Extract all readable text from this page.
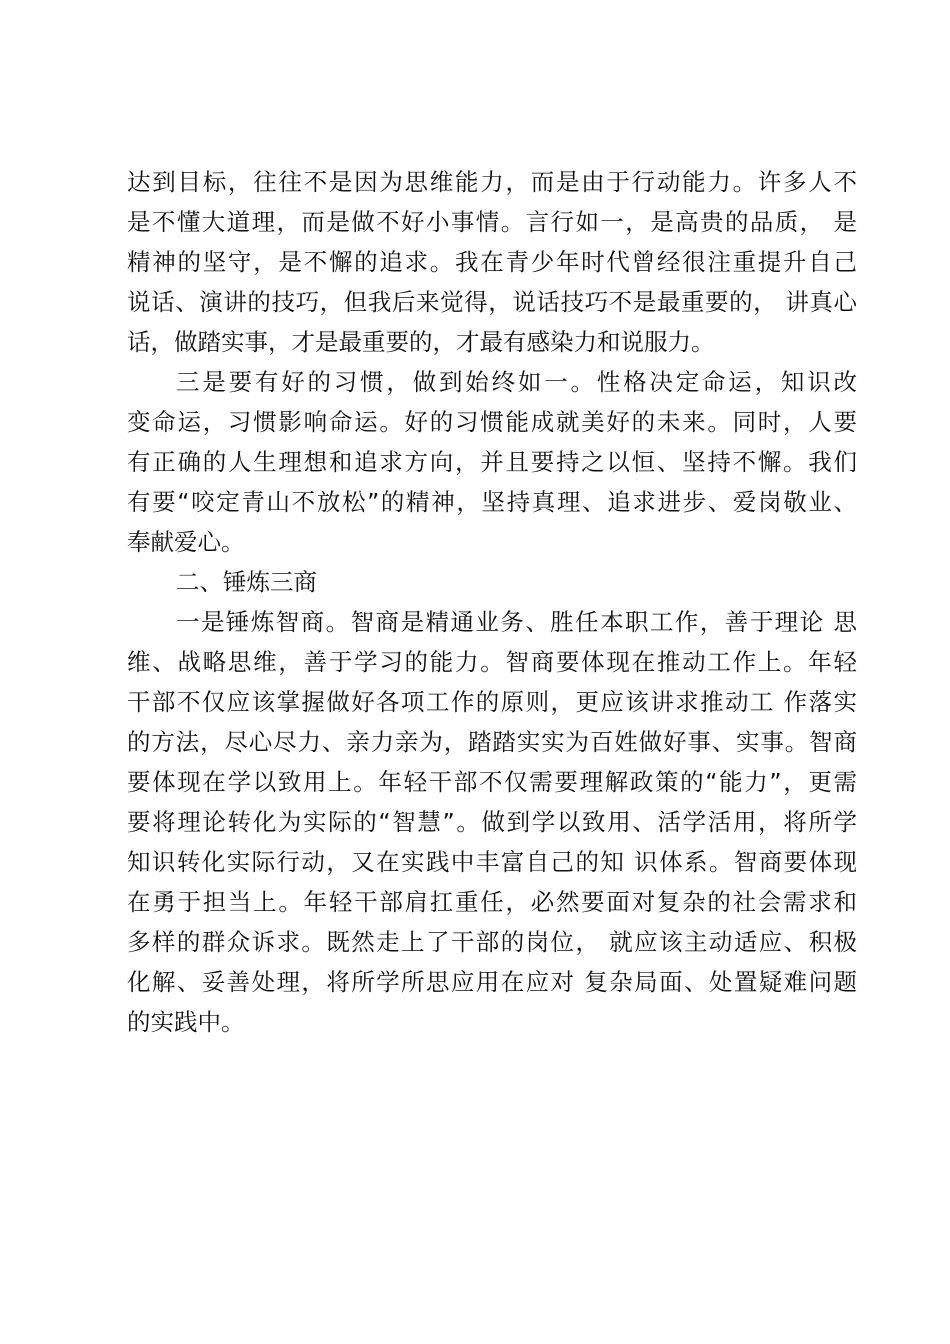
达到目标，往往不是因为思维能力，而是由于行动能力。许多人不
是不懂大道理，而是做不好小事情。言行如一，是高贵的品质， 是
精神的坚守，是不懈的追求。我在青少年时代曾经很注重提升自己
说话、演讲的技巧，但我后来觉得，说话技巧不是最重要的， 讲真心
话，做踏实事，才是最重要的，才最有感染力和说服力。
三是要有好的习惯，做到始终如一。性格决定命运，知识改
变命运，习惯影响命运。好的习惯能成就美好的未来。同时，人要
有正确的人生理想和追求方向，并且要持之以恒、坚持不懈。我们
有要“咬定青山不放松”的精神，坚持真理、追求进步、爱岗敬业、
奉献爱心。
二、锤炼三商
一是锤炼智商。智商是精通业务、胜任本职工作，善于理论 思
维、战略思维，善于学习的能力。智商要体现在推动工作上。年轻
干部不仅应该掌握做好各项工作的原则，更应该讲求推动工 作落实
的方法，尽心尽力、亲力亲为，踏踏实实为百姓做好事、实事。智商
要体现在学以致用上。年轻干部不仅需要理解政策的“能力”，更需
要将理论转化为实际的“智慧”。做到学以致用、活学活用，将所学
知识转化实际行动，又在实践中丰富自己的知 识体系。智商要体现
在勇于担当上。年轻干部肩扛重任，必然要面对复杂的社会需求和
多样的群众诉求。既然走上了干部的岗位， 就应该主动适应、积极
化解、妥善处理，将所学所思应用在应对 复杂局面、处置疑难问题
的实践中。
